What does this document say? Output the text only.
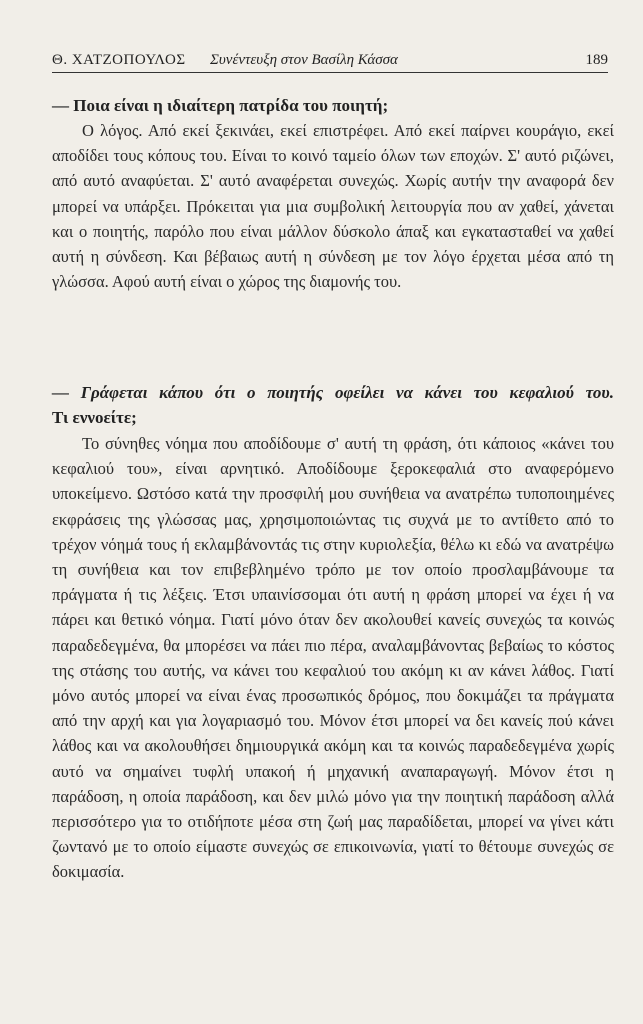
Θ. ΧΑΤΖΟΠΟΥΛΟΣ Συνέντευξη στον Βασίλη Κάσσα	189

— Ποια είναι η ιδιαίτερη πατρίδα του ποιητή;

Ο λόγος. Από εκεί ξεκινάει, εκεί επιστρέφει. Από εκεί παίρνει κουράγιο, εκεί αποδίδει τους κόπους του. Είναι το κοινό ταμείο όλων των εποχών. Σ' αυτό ριζώνει, από αυτό αναφύεται. Σ' αυτό αναφέρεται συνεχώς. Χωρίς αυτήν την αναφορά δεν μπορεί να υπάρξει. Πρόκειται για μια συμβολική λειτουργία που αν χαθεί, χάνεται και ο ποιητής, παρόλο που είναι μάλλον δύσκολο άπαξ και εγκατασταθεί να χαθεί αυτή η σύνδεση. Και βέβαιως αυτή η σύνδεση με τον λόγο έρχεται μέσα από τη γλώσσα. Αφού αυτή είναι ο χώρος της διαμονής του.

— Γράφεται κάπου ότι ο ποιητής οφείλει να κάνει του κεφαλιού του. Τι εννοείτε;

Το σύνηθες νόημα που αποδίδουμε σ' αυτή τη φράση, ότι κάποιος «κάνει του κεφαλιού του», είναι αρνητικό. Αποδίδουμε ξεροκεφαλιά στο αναφερόμενο υποκείμενο. Ωστόσο κατά την προσφιλή μου συνήθεια να ανατρέπω τυποποιημένες εκφράσεις της γλώσσας μας, χρησιμοποιώντας τις συχνά με το αντίθετο από το τρέχον νόημά τους ή εκλαμβάνοντάς τις στην κυριολεξία, θέλω κι εδώ να ανατρέψω τη συνήθεια και τον επιβεβλημένο τρόπο με τον οποίο προσλαμβάνουμε τα πράγματα ή τις λέξεις. Έτσι υπαινίσσομαι ότι αυτή η φράση μπορεί να έχει ή να πάρει και θετικό νόημα. Γιατί μόνο όταν δεν ακολουθεί κανείς συνεχώς τα κοινώς παραδεδεγμένα, θα μπορέσει να πάει πιο πέρα, αναλαμβάνοντας βεβαίως το κόστος της στάσης του αυτής, να κάνει του κεφαλιού του ακόμη κι αν κάνει λάθος. Γιατί μόνο αυτός μπορεί να είναι ένας προσωπικός δρόμος, που δοκιμάζει τα πράγματα από την αρχή και για λογαριασμό του. Μόνον έτσι μπορεί να δει κανείς πού κάνει λάθος και να ακολουθήσει δημιουργικά ακόμη και τα κοινώς παραδεδεγμένα χωρίς αυτό να σημαίνει τυφλή υπακοή ή μηχανική αναπαραγωγή. Μόνον έτσι η παράδοση, η οποία παράδοση, και δεν μιλώ μόνο για την ποιητική παράδοση αλλά περισσότερο για το οτιδήποτε μέσα στη ζωή μας παραδίδεται, μπορεί να γίνει κάτι ζωντανό με το οποίο είμαστε συνεχώς σε επικοινωνία, γιατί το θέτουμε συνεχώς σε δοκιμασία.
